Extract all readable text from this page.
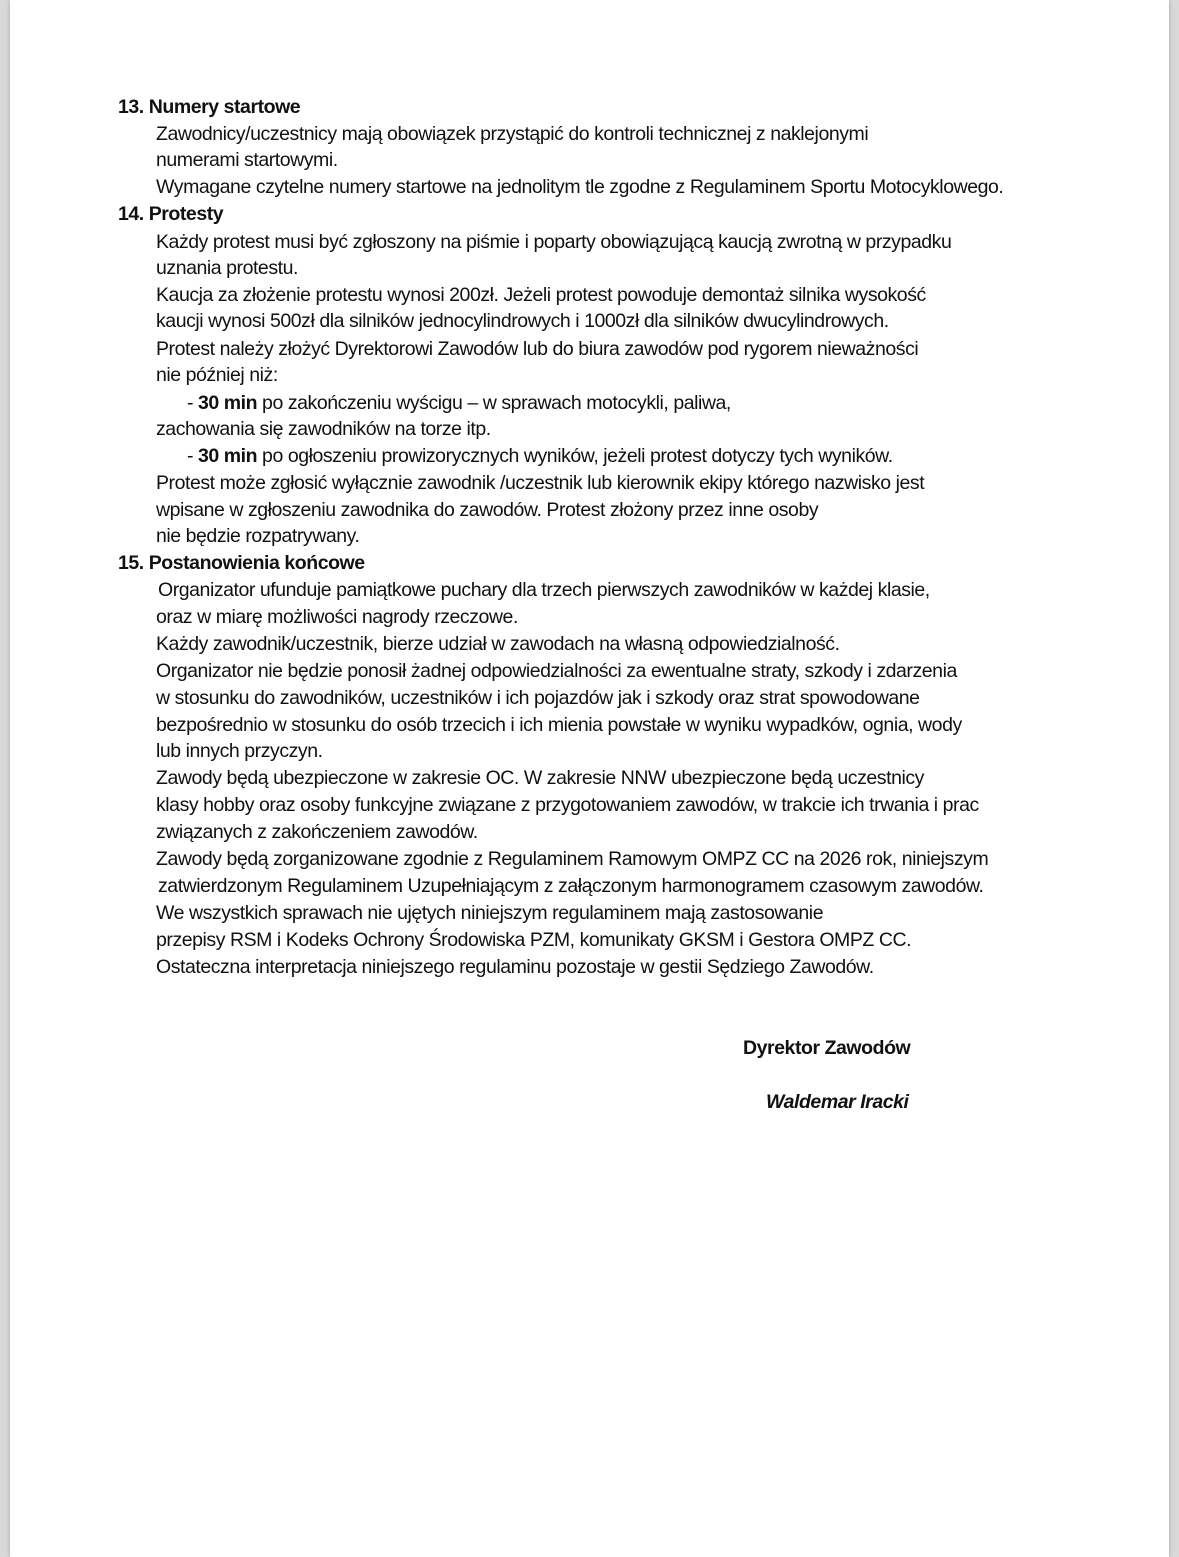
13. Numery startowe
Zawodnicy/uczestnicy mają obowiązek przystąpić do kontroli technicznej z naklejonymi
numerami startowymi.
Wymagane czytelne numery startowe na jednolitym tle zgodne z Regulaminem Sportu Motocyklowego.
14. Protesty
Każdy protest musi być zgłoszony na piśmie i poparty obowiązującą kaucją zwrotną w przypadku
uznania protestu.
Kaucja za złożenie protestu wynosi 200zł. Jeżeli protest powoduje demontaż silnika wysokość
kaucji wynosi 500zł dla silników jednocylindrowych i 1000zł dla silników dwucylindrowych.
Protest należy złożyć Dyrektorowi Zawodów lub do biura zawodów pod rygorem nieważności
nie później niż:
- 30 min po zakończeniu wyścigu – w sprawach motocykli, paliwa,
zachowania się zawodników na torze itp.
- 30 min po ogłoszeniu prowizorycznych wyników, jeżeli protest dotyczy tych wyników.
Protest może zgłosić wyłącznie zawodnik /uczestnik lub kierownik ekipy którego nazwisko jest
wpisane w zgłoszeniu zawodnika do zawodów. Protest złożony przez inne osoby
nie będzie rozpatrywany.
15. Postanowienia końcowe
Organizator ufunduje pamiątkowe puchary dla trzech pierwszych zawodników w każdej klasie,
oraz w miarę możliwości nagrody rzeczowe.
Każdy zawodnik/uczestnik, bierze udział w zawodach na własną odpowiedzialność.
Organizator nie będzie ponosił żadnej odpowiedzialności za ewentualne straty, szkody i zdarzenia
w stosunku do zawodników, uczestników i ich pojazdów jak i szkody oraz strat spowodowane
bezpośrednio w stosunku do osób trzecich i ich mienia powstałe w wyniku wypadków, ognia, wody
lub innych przyczyn.
Zawody będą ubezpieczone w zakresie OC. W zakresie NNW ubezpieczone będą uczestnicy
klasy hobby oraz osoby funkcyjne związane z przygotowaniem zawodów, w trakcie ich trwania i prac
związanych z zakończeniem zawodów.
Zawody będą zorganizowane zgodnie z Regulaminem Ramowym OMPZ CC na 2026 rok, niniejszym
zatwierdzonym Regulaminem Uzupełniającym z załączonym harmonogramem czasowym zawodów.
We wszystkich sprawach nie ujętych niniejszym regulaminem mają zastosowanie
przepisy RSM i Kodeks Ochrony Środowiska PZM, komunikaty GKSM i Gestora OMPZ CC.
Ostateczna interpretacja niniejszego regulaminu pozostaje w gestii Sędziego Zawodów.
Dyrektor Zawodów
Waldemar Iracki
